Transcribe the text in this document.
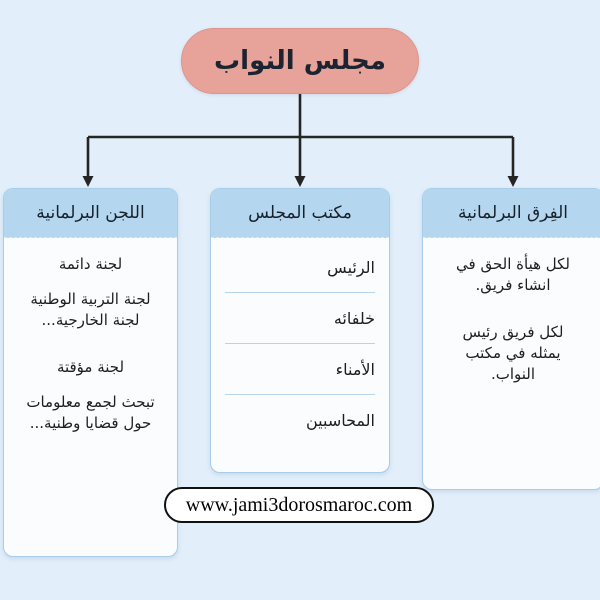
مجلس النواب
اللجن البرلمانية
لجنة دائمة
لجنة التربية الوطنية
لجنة الخارجية...
لجنة مؤقتة
تبحث لجمع معلومات
حول قضايا وطنية...
مكتب المجلس
الرئيس
خلفائه
الأمناء
المحاسبين
الفِرق البرلمانية
لكل هيأة الحق في
انشاء فريق.
لكل فريق رئيس
يمثله في مكتب
النواب.
www.jami3dorosmaroc.com
